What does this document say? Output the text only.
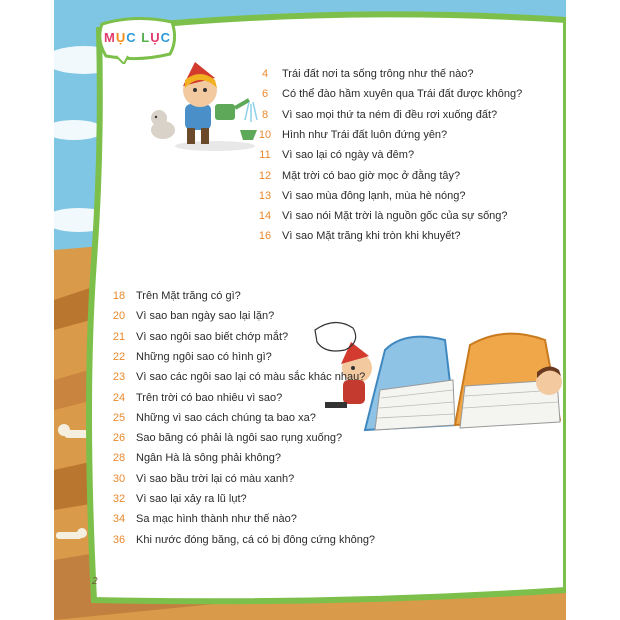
MỤC LỤC
4 Trái đất nơi ta sống trông như thế nào?
6 Có thể đào hầm xuyên qua Trái đất được không?
8 Vì sao mọi thứ ta ném đi đều rơi xuống đất?
10 Hình như Trái đất luôn đứng yên?
11 Vì sao lại có ngày và đêm?
12 Mặt trời có bao giờ mọc ở đằng tây?
13 Vì sao mùa đông lạnh, mùa hè nóng?
14 Vì sao nói Mặt trời là nguồn gốc của sự sống?
16 Vì sao Mặt trăng khi tròn khi khuyết?
18 Trên Mặt trăng có gì?
20 Vì sao ban ngày sao lại lặn?
21 Vì sao ngôi sao biết chớp mắt?
22 Những ngôi sao có hình gì?
23 Vì sao các ngôi sao lại có màu sắc khác nhau?
24 Trên trời có bao nhiêu vì sao?
25 Những vì sao cách chúng ta bao xa?
26 Sao băng có phải là ngôi sao rụng xuống?
28 Ngân Hà là sông phải không?
30 Vì sao bầu trời lại có màu xanh?
32 Vì sao lại xảy ra lũ lụt?
34 Sa mạc hình thành như thế nào?
36 Khi nước đóng băng, cá có bị đông cứng không?
2
